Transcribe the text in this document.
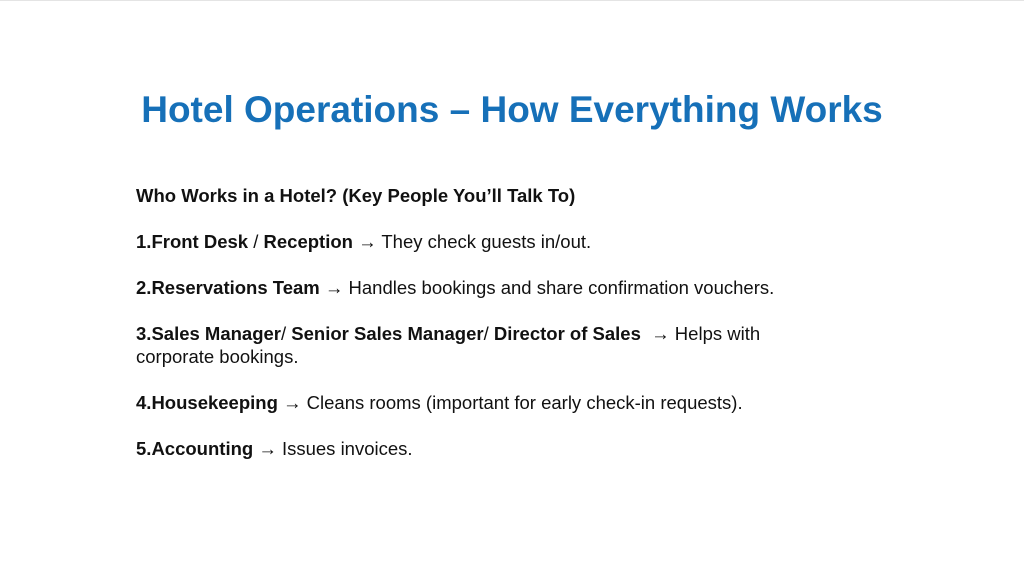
Hotel Operations – How Everything Works
Who Works in a Hotel? (Key People You’ll Talk To)
1.Front Desk / Reception → They check guests in/out.
2.Reservations Team → Handles bookings and share confirmation vouchers.
3.Sales Manager/ Senior Sales Manager/ Director of Sales  → Helps with
corporate bookings.
4.Housekeeping → Cleans rooms (important for early check-in requests).
5.Accounting → Issues invoices.
